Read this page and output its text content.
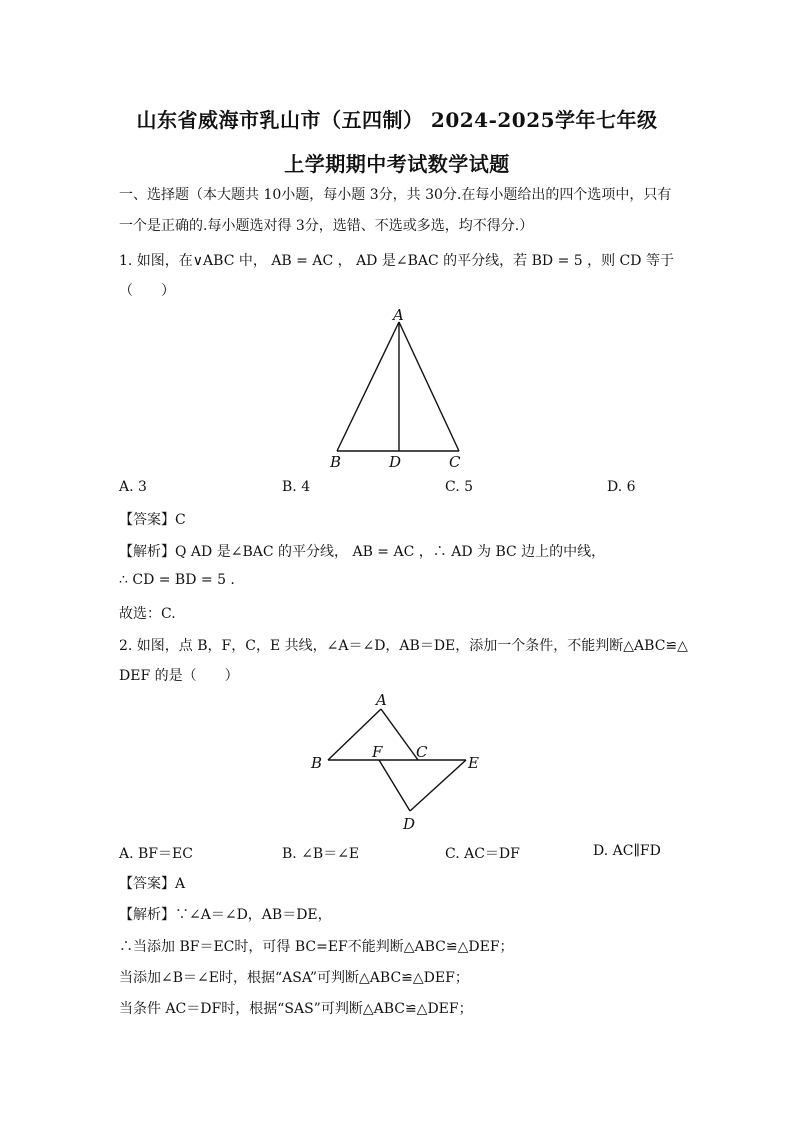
山东省威海市乳山市（五四制） 2024-2025学年七年级
上学期期中考试数学试题
一、选择题（本大题共 10小题，每小题 3分，共 30分.在每小题给出的四个选项中，只有一个是正确的.每小题选对得 3分，选错、不选或多选，均不得分.）
1. 如图，在∨ABC 中， AB = AC ， AD 是∠BAC 的平分线，若 BD = 5 ，则 CD 等于
（　　）
A
B	D	C
A
B
F C
E
D
A. 3	B. 4	C. 5	D. 6
【答案】C
【解析】Q AD 是∠BAC 的平分线， AB = AC ，∴ AD 为 BC 边上的中线，
∴ CD = BD = 5 .
故选：C.
2. 如图，点 B，F，C，E 共线，∠A＝∠D，AB＝DE，添加一个条件，不能判断△ABC≌△
DEF 的是（　　）
A. BF＝EC	B. ∠B＝∠E	C. AC＝DF	D. AC∥FD
【答案】A
【解析】∵∠A＝∠D，AB＝DE，
∴当添加 BF＝EC时，可得 BC=EF不能判断△ABC≌△DEF；
当添加∠B＝∠E时，根据“ASA”可判断△ABC≌△DEF；
当条件 AC＝DF时，根据“SAS”可判断△ABC≌△DEF；
